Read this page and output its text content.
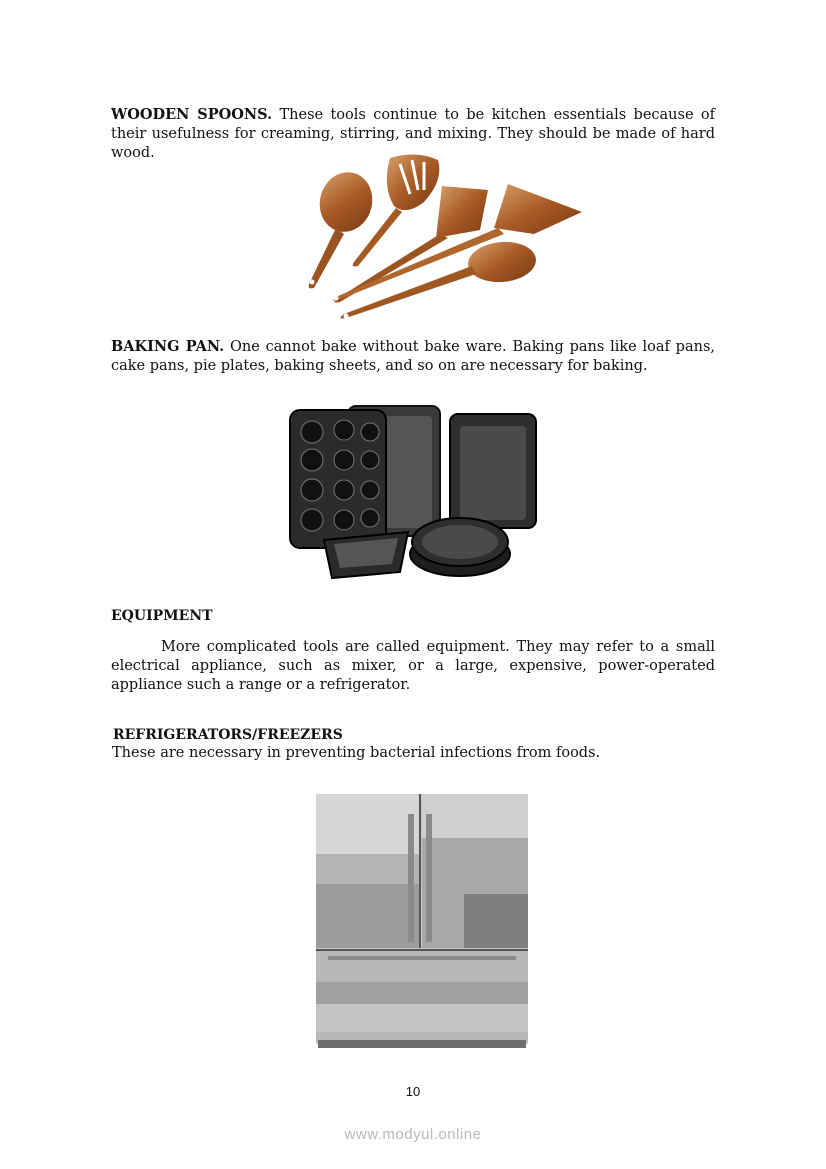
WOODEN SPOONS. These tools continue to be kitchen essentials because of their usefulness for creaming, stirring, and mixing. They should be made of hard wood.

BAKING PAN. One cannot bake without bake ware. Baking pans like loaf pans, cake pans, pie plates, baking sheets, and so on are necessary for baking.

EQUIPMENT

More complicated tools are called equipment. They may refer to a small electrical appliance, such as mixer, or a large, expensive, power-operated appliance such a range or a refrigerator.

REFRIGERATORS/FREEZERS

These are necessary in preventing bacterial infections from foods.

10
www.modyul.online
